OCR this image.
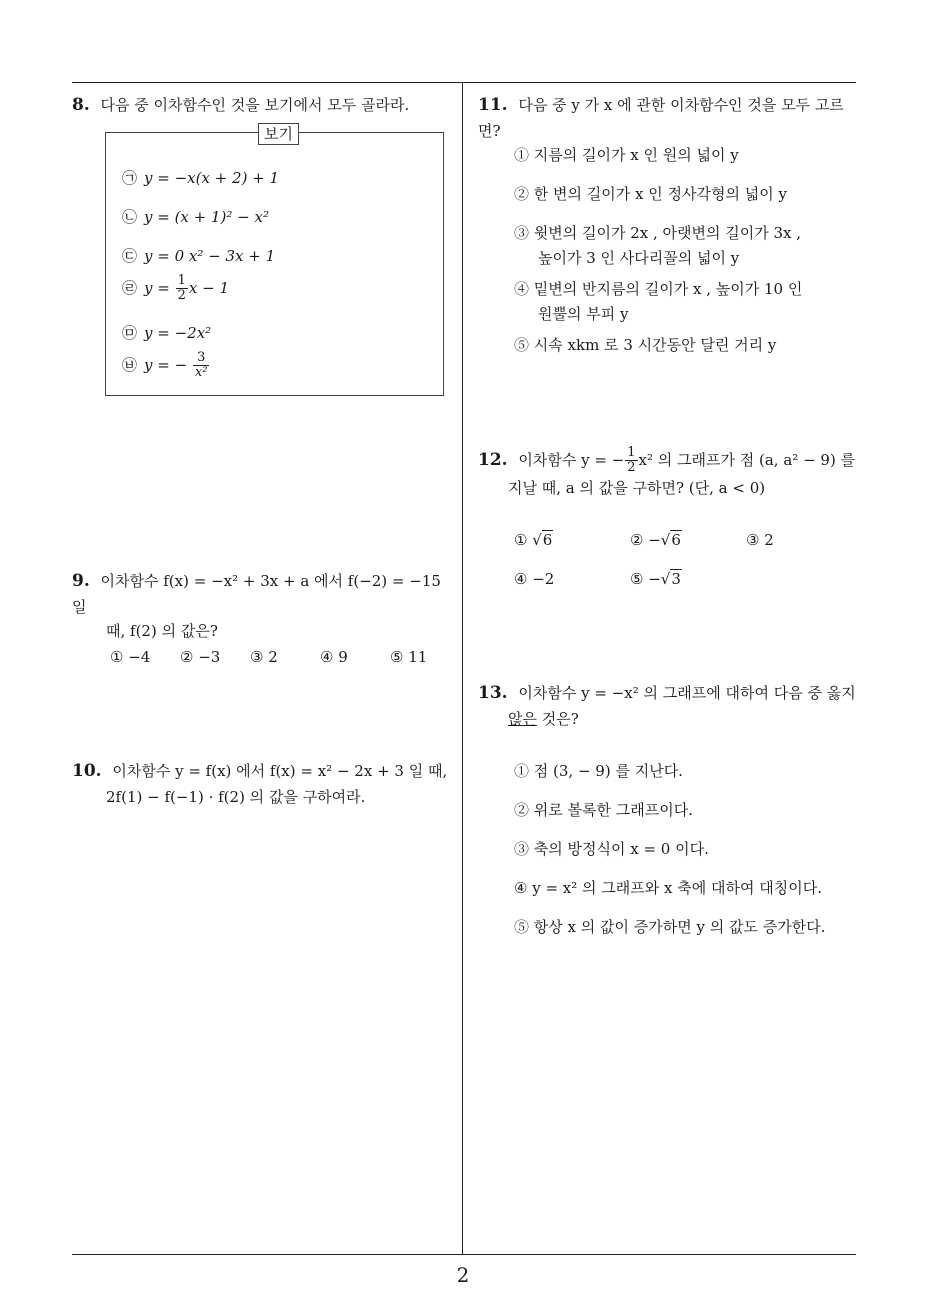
2
8. 다음 중 이차함수인 것을 보기에서 모두 골라라.
보기
㉠ y = −x(x + 2) + 1
㉡ y = (x + 1)² − x²
㉢ y = 0 x² − 3x + 1
㉣ $y = \frac{1}{2}$ x − 1
㉤ y = −2x²
㉥ y = − $\frac{3}{\text{x²}}$
9. 이차함수 f(x) = −x² + 3x + a 에서 f(−2) = −15 일
때, f(2) 의 값은?
① −4 ② −3 ③ 2	④ 9	⑤ 11
10. 이차함수 y = f(x) 에서 f(x) = x² − 2x + 3 일 때,
2f(1) − f(−1) · f(2) 의 값을 구하여라.
11. 다음 중 y 가 x 에 관한 이차함수인 것을 모두 고르면?
① 지름의 길이가 x 인 원의 넓이 y
② 한 변의 길이가 x 인 정사각형의 넓이 y
③ 윗변의 길이가 2x , 아랫변의 길이가 3x ,
높이가 3 인 사다리꼴의 넓이 y
④ 밑변의 반지름의 길이가 x , 높이가 10 인
원뿔의 부피 y
⑤ 시속 xkm 로 3 시간동안 달린 거리 y
12. 이차함수 y = − $\frac{1}{2} x^2$ 의 그래프가 점 (a, a² − 9) 를
지날 때, a 의 값을 구하면? (단, a < 0)
① √6	② −√6	③ 2
④ −2	⑤ −√3
13. 이차함수 y = −x² 의 그래프에 대하여 다음 중 옳지
않은 것은?
① 점 (3, − 9) 를 지난다.
② 위로 볼록한 그래프이다.
③ 축의 방정식이 x = 0 이다.
④ y = x² 의 그래프와 x 축에 대하여 대칭이다.
⑤ 항상 x 의 값이 증가하면 y 의 값도 증가한다.
